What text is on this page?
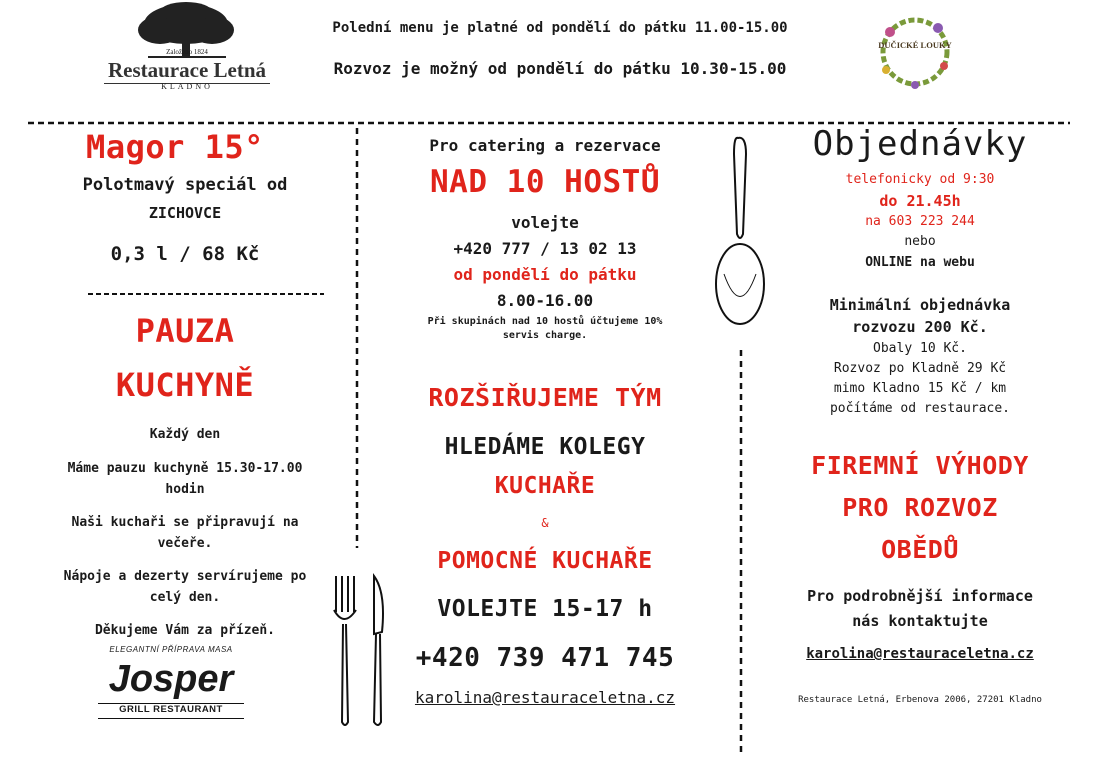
Založeno 1824
Restaurace Letná
KLADNO
Polední menu je platné od pondělí do pátku 11.00-15.00
Rozvoz je možný od pondělí do pátku 10.30-15.00
DUČICKÉ LOUKY
Magor 15°
Polotmavý speciál od
ZICHOVCE
0,3 l / 68 Kč
PAUZA
KUCHYNĚ
Každý den
Máme pauzu kuchyně 15.30-17.00
hodin
Naši kuchaři se připravují na
večeře.
Nápoje a dezerty servírujeme po
celý den.
Děkujeme Vám za přízeň.
ELEGANTNÍ PŘÍPRAVA MASA
Josper
GRILL RESTAURANT
Pro catering a rezervace
NAD 10 HOSTŮ
volejte
+420 777 / 13 02 13
od pondělí do pátku
8.00-16.00
Při skupinách nad 10 hostů účtujeme 10%
servis charge.
ROZŠIŘUJEME TÝM
HLEDÁME KOLEGY
KUCHAŘE
&
POMOCNÉ KUCHAŘE
VOLEJTE 15-17 h
+420 739 471 745
karolina@restauraceletna.cz
Objednávky
telefonicky od 9:30
do 21.45h
na 603 223 244
nebo
ONLINE na webu
Minimální objednávka
rozvozu 200 Kč.
Obaly 10 Kč.
Rozvoz po Kladně 29 Kč
mimo Kladno 15 Kč / km
počítáme od restaurace.
FIREMNÍ VÝHODY
PRO ROZVOZ
OBĚDŮ
Pro podrobnější informace
nás kontaktujte
karolina@restauraceletna.cz
Restaurace Letná, Erbenova 2006, 27201 Kladno
